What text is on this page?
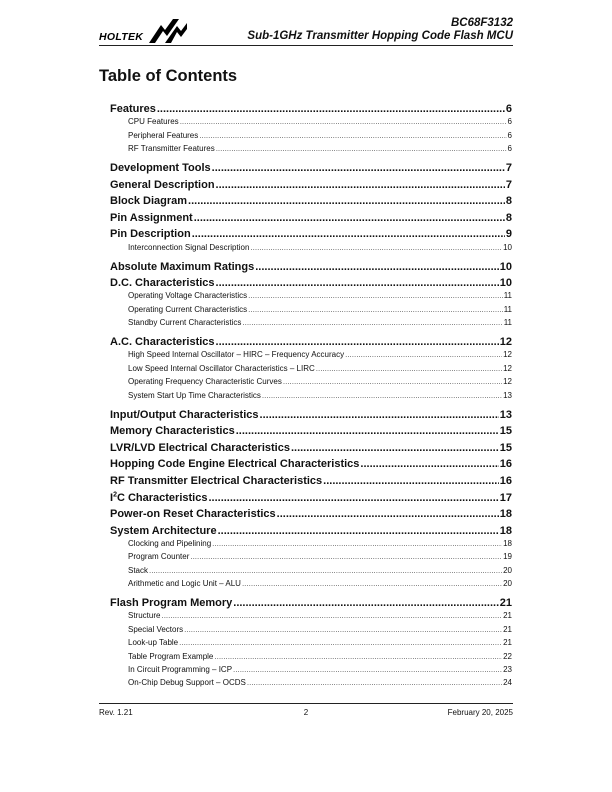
HOLTEK
BC68F3132
Sub-1GHz Transmitter Hopping Code Flash MCU
Table of Contents
Features .....	6
CPU Features .....	6
Peripheral Features .....	6
RF Transmitter Features .....	6
Development Tools .....	7
General Description .....	7
Block Diagram .....	8
Pin Assignment .....	8
Pin Description .....	9
Interconnection Signal Description .....	10
Absolute Maximum Ratings .....	10
D.C. Characteristics .....	10
Operating Voltage Characteristics .....	11
Operating Current Characteristics .....	11
Standby Current Characteristics .....	11
A.C. Characteristics .....	12
High Speed Internal Oscillator – HIRC – Frequency Accuracy .....	12
Low Speed Internal Oscillator Characteristics – LIRC .....	12
Operating Frequency Characteristic Curves .....	12
System Start Up Time Characteristics .....	13
Input/Output Characteristics .....	13
Memory Characteristics .....	15
LVR/LVD Electrical Characteristics .....	15
Hopping Code Engine Electrical Characteristics .....	16
RF Transmitter Electrical Characteristics .....	16
$I^2C$ Characteristics .....	17
Power-on Reset Characteristics .....	18
System Architecture .....	18
Clocking and Pipelining .....	18
Program Counter .....	19
Stack .....	20
Arithmetic and Logic Unit – ALU .....	20
Flash Program Memory .....	21
Structure .....	21
Special Vectors .....	21
Look-up Table .....	21
Table Program Example .....	22
In Circuit Programming – ICP .....	23
On-Chip Debug Support – OCDS .....	24
Rev. 1.21	2	February 20, 2025
